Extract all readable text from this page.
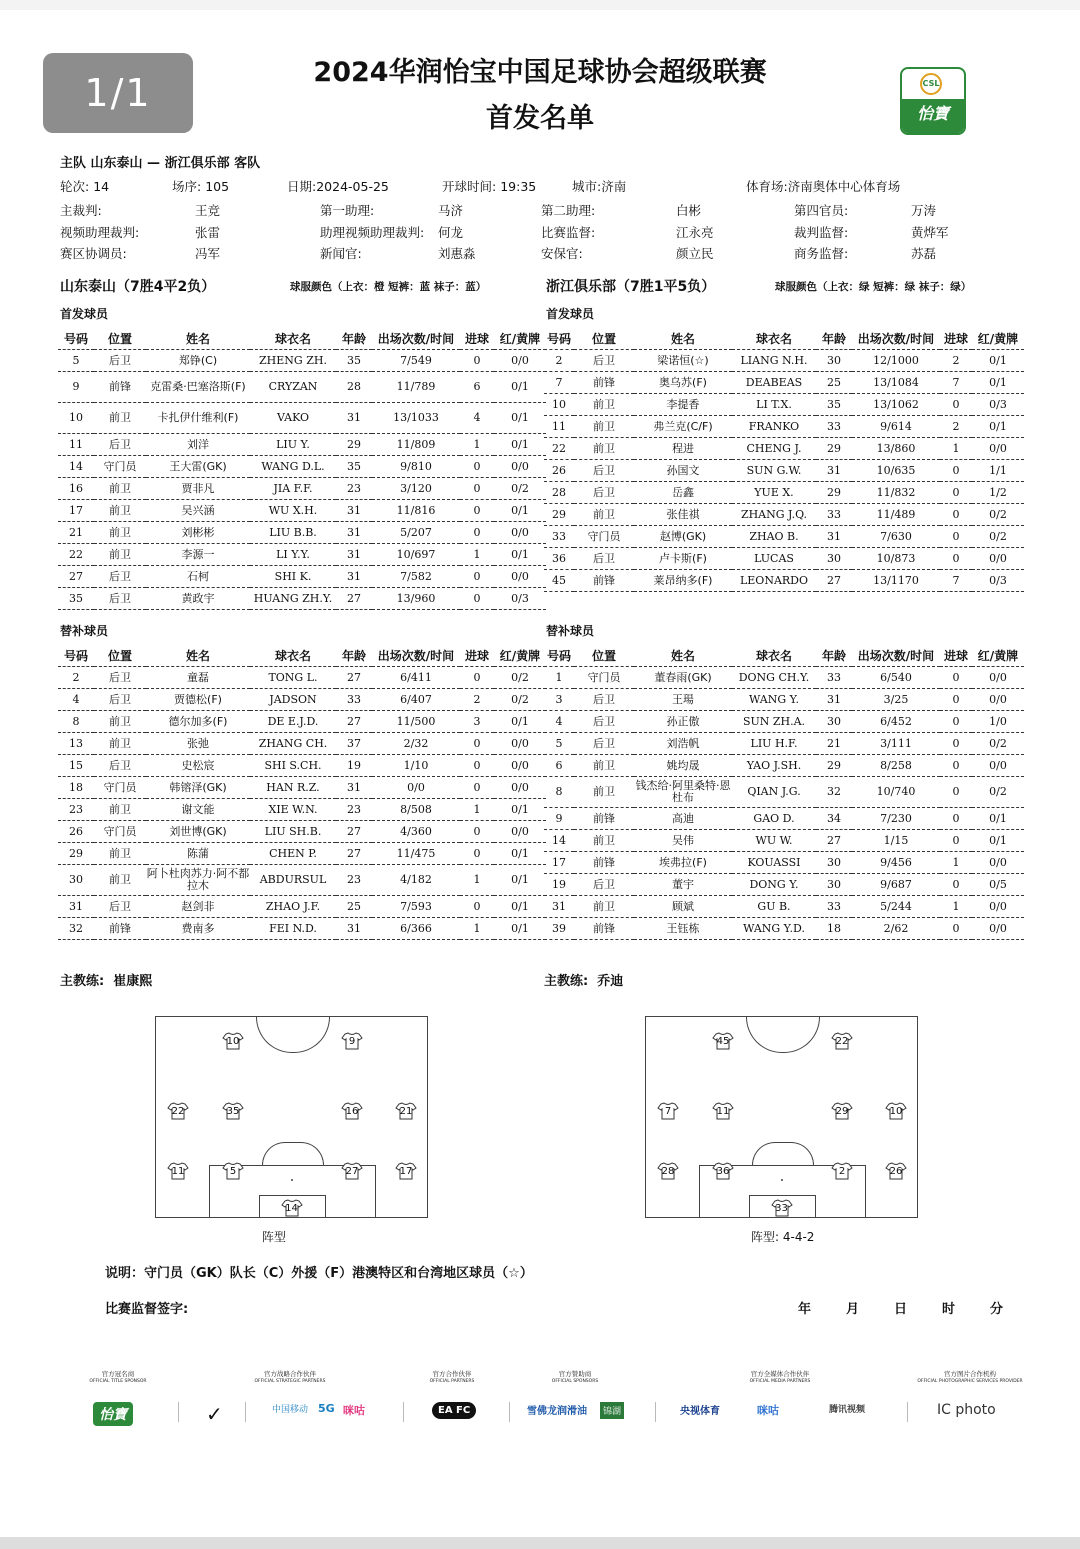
1/1	2024华润怡宝中国足球协会超级联赛
首发名单
CSL
怡寶
主队 山东泰山 — 浙江俱乐部 客队
轮次: 14	场序: 105	日期:2024-05-25	开球时间: 19:35	城市:济南	体育场:济南奥体中心体育场
主裁判:	王竞	第一助理:	马济	第二助理:	白彬	第四官员:	万涛
视频助理裁判:	张雷	助理视频助理裁判: 何龙	比赛监督:	江永亮	裁判监督:	黄烨军
赛区协调员:	冯军	新闻官:	刘惠淼	安保官:	颜立民	商务监督:	苏磊
山东泰山（7胜4平2负）	球服颜色（上衣：橙 短裤：蓝 袜子：蓝）	浙江俱乐部（7胜1平5负）	球服颜色（上衣：绿 短裤：绿 袜子：绿）
首发球员	首发球员
号码	位置	姓名	球衣名	年龄	出场次数/时间	进球	红/黄牌
5	后卫	郑铮(C)	ZHENG ZH.	35	7/549	0	0/0
9	前锋	克雷桑·巴塞洛斯(F)	CRYZAN	28	11/789	6	0/1
10	前卫	卡扎伊什维利(F)	VAKO	31	13/1033	4	0/1
11	后卫	刘洋	LIU Y.	29	11/809	1	0/1
14	守门员	王大雷(GK)	WANG D.L.	35	9/810	0	0/0
16	前卫	贾非凡	JIA F.F.	23	3/120	0	0/2
17	前卫	吴兴涵	WU X.H.	31	11/816	0	0/1
21	前卫	刘彬彬	LIU B.B.	31	5/207	0	0/0
22	前卫	李源一	LI Y.Y.	31	10/697	1	0/1
27	后卫	石柯	SHI K.	31	7/582	0	0/0
35	后卫	黄政宇	HUANG ZH.Y.	27	13/960	0	0/3
号码	位置	姓名	球衣名	年龄	出场次数/时间	进球	红/黄牌
2	后卫	梁诺恒(☆)	LIANG N.H.	30	12/1000	2	0/1
7	前锋	奥乌苏(F)	DEABEAS	25	13/1084	7	0/1
10	前卫	李提香	LI T.X.	35	13/1062	0	0/3
11	前卫	弗兰克(C/F)	FRANKO	33	9/614	2	0/1
22	前卫	程进	CHENG J.	29	13/860	1	0/0
26	后卫	孙国文	SUN G.W.	31	10/635	0	1/1
28	后卫	岳鑫	YUE X.	29	11/832	0	1/2
29	前卫	张佳祺	ZHANG J.Q.	33	11/489	0	0/2
33	守门员	赵博(GK)	ZHAO B.	31	7/630	0	0/2
36	后卫	卢卡斯(F)	LUCAS	30	10/873	0	0/0
45	前锋	莱昂纳多(F)	LEONARDO	27	13/1170	7	0/3
替补球员	替补球员
号码	位置	姓名	球衣名	年龄	出场次数/时间	进球	红/黄牌
2	后卫	童磊	TONG L.	27	6/411	0	0/2
4	后卫	贾德松(F)	JADSON	33	6/407	2	0/2
8	前卫	德尔加多(F)	DE E.J.D.	27	11/500	3	0/1
13	前卫	张弛	ZHANG CH.	37	2/32	0	0/0
15	后卫	史松宸	SHI S.CH.	19	1/10	0	0/0
18	守门员	韩镕泽(GK)	HAN R.Z.	31	0/0	0	0/0
23	前卫	谢文能	XIE W.N.	23	8/508	1	0/1
26	守门员	刘世博(GK)	LIU SH.B.	27	4/360	0	0/0
29	前卫	陈蒲	CHEN P.	27	11/475	0	0/1
30	前卫	阿卜杜肉苏力·阿不都拉木	ABDURSUL	23	4/182	1	0/1
31	后卫	赵剑非	ZHAO J.F.	25	7/593	0	0/1
32	前锋	费南多	FEI N.D.	31	6/366	1	0/1
号码	位置	姓名	球衣名	年龄	出场次数/时间	进球	红/黄牌
1	守门员	董春雨(GK)	DONG CH.Y.	33	6/540	0	0/0
3	后卫	王瑒	WANG Y.	31	3/25	0	0/0
4	后卫	孙正傲	SUN ZH.A.	30	6/452	0	1/0
5	后卫	刘浩帆	LIU H.F.	21	3/111	0	0/2
6	前卫	姚均晟	YAO J.SH.	29	8/258	0	0/0
8	前卫	钱杰给·阿里桑特·恩杜布	QIAN J.G.	32	10/740	0	0/2
9	前锋	高迪	GAO D.	34	7/230	0	0/1
14	前卫	吴伟	WU W.	27	1/15	0	0/1
17	前锋	埃弗拉(F)	KOUASSI	30	9/456	1	0/0
19	后卫	董宇	DONG Y.	30	9/687	0	0/5
31	前卫	顾斌	GU B.	33	5/244	1	0/0
39	前锋	王钰栋	WANG Y.D.	18	2/62	0	0/0
主教练: 崔康熙	主教练: 乔迪
10	9
22	35	16	21
11	5	27	17
14
45	22
7	11	29	10
28	36	2	26
33
阵型	阵型: 4-4-2
说明：守门员（GK）队长（C）外援（F）港澳特区和台湾地区球员（☆）
比赛监督签字:	年	月	日	时	分
官方冠名商
OFFICIAL TITLE SPONSOR
怡寶
官方战略合作伙伴
OFFICIAL STRATEGIC PARTNERS
✓	中国移动 5G 咪咕
官方合作伙伴
OFFICIAL PARTNERS
EA FC
官方赞助商
OFFICIAL SPONSORS
雪佛龙润滑油	锦湖
官方全媒体合作伙伴
OFFICIAL MEDIA PARTNERS
央视体育	咪咕	腾讯视频
官方图片合作机构
OFFICIAL PHOTOGRAPHIC SERVICES PROVIDER
IC photo
